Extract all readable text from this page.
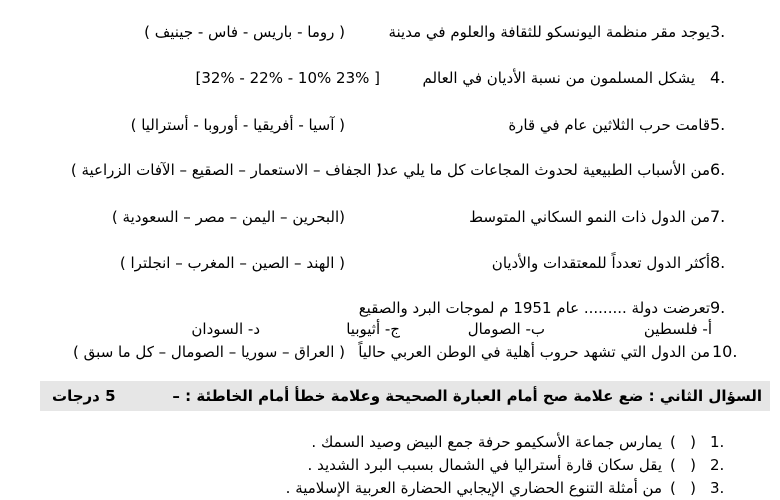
3.
يوجد مقر منظمة اليونسكو للثقافة والعلوم في مدينة
( روما - باريس - فاس - جينيف )
4.
يشكل المسلمون من نسبة الأديان في العالم
[ 23% 10% - 22% - 32%]
5.
قامت حرب الثلاثين عام في قارة
( آسيا - أفريقيا - أوروبا - أستراليا )
6.
من الأسباب الطبيعية لحدوث المجاعات كل ما يلي عدا
( الجفاف – الاستعمار – الصقيع – الآفات الزراعية )
7.
من الدول ذات النمو السكاني المتوسط
(البحرين – اليمن – مصر – السعودية )
8.
أكثر الدول تعدداً للمعتقدات والأديان
( الهند – الصين – المغرب – انجلترا )
9.
تعرضت دولة ......... عام 1951 م لموجات البرد والصقيع
أ- فلسطين
ب- الصومال
ج- أثيوبيا
د- السودان
10.
من الدول التي تشهد حروب أهلية في الوطن العربي حالياً
( العراق – سوريا – الصومال – كل ما سبق )
السؤال الثاني : ضع علامة صح أمام العبارة الصحيحة وعلامة خطأ أمام الخاطئة : –
5 درجات
1.
(   )
يمارس جماعة الأسكيمو حرفة جمع البيض وصيد السمك .
2.
(   )
يقل سكان قارة أستراليا في الشمال بسبب البرد الشديد .
3.
(   )
من أمثلة التنوع الحضاري الإيجابي الحضارة العربية الإسلامية .
